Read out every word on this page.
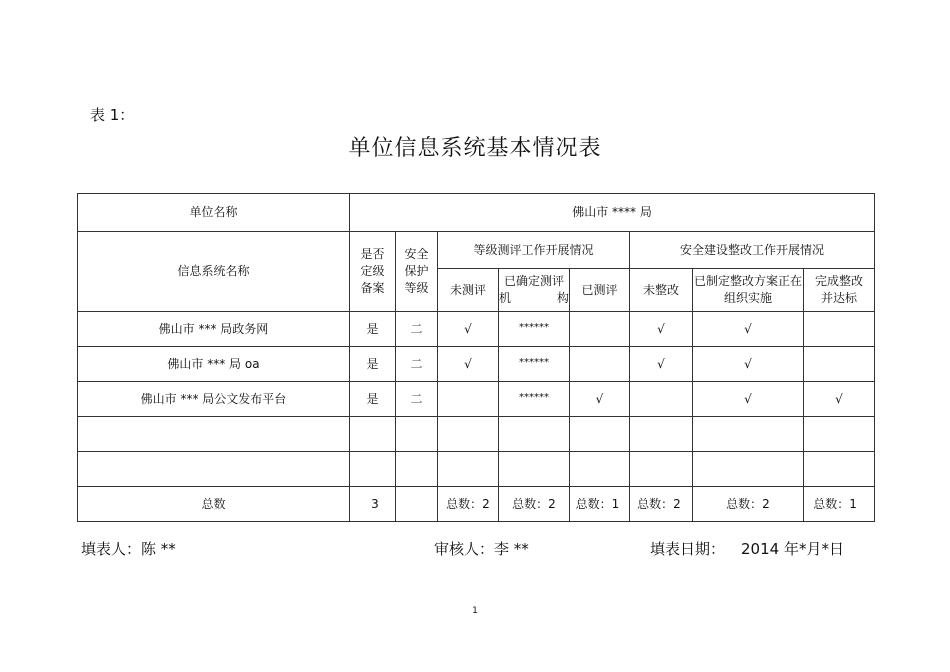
表 1：
单位信息系统基本情况表
单位名称	佛山市 **** 局							
信息系统名称	是否定级备案	安全保护等级	等级测评工作开展情况			安全建设整改工作开展情况		
			未测评	已确定测评机构	已测评	未整改	已制定整改方案正在组织实施	完成整改并达标
佛山市 *** 局政务网	是	二	√	******		√	√	
佛山市 *** 局 oa	是	二	√	******		√	√	
佛山市 *** 局公文发布平台	是	二		******	√		√	√

总数	3		总数：2	总数：2	总数：1	总数：2	总数：2	总数：1
填表人：陈 **	审核人：李 **	填表日期： 2014 年*月*日
1
